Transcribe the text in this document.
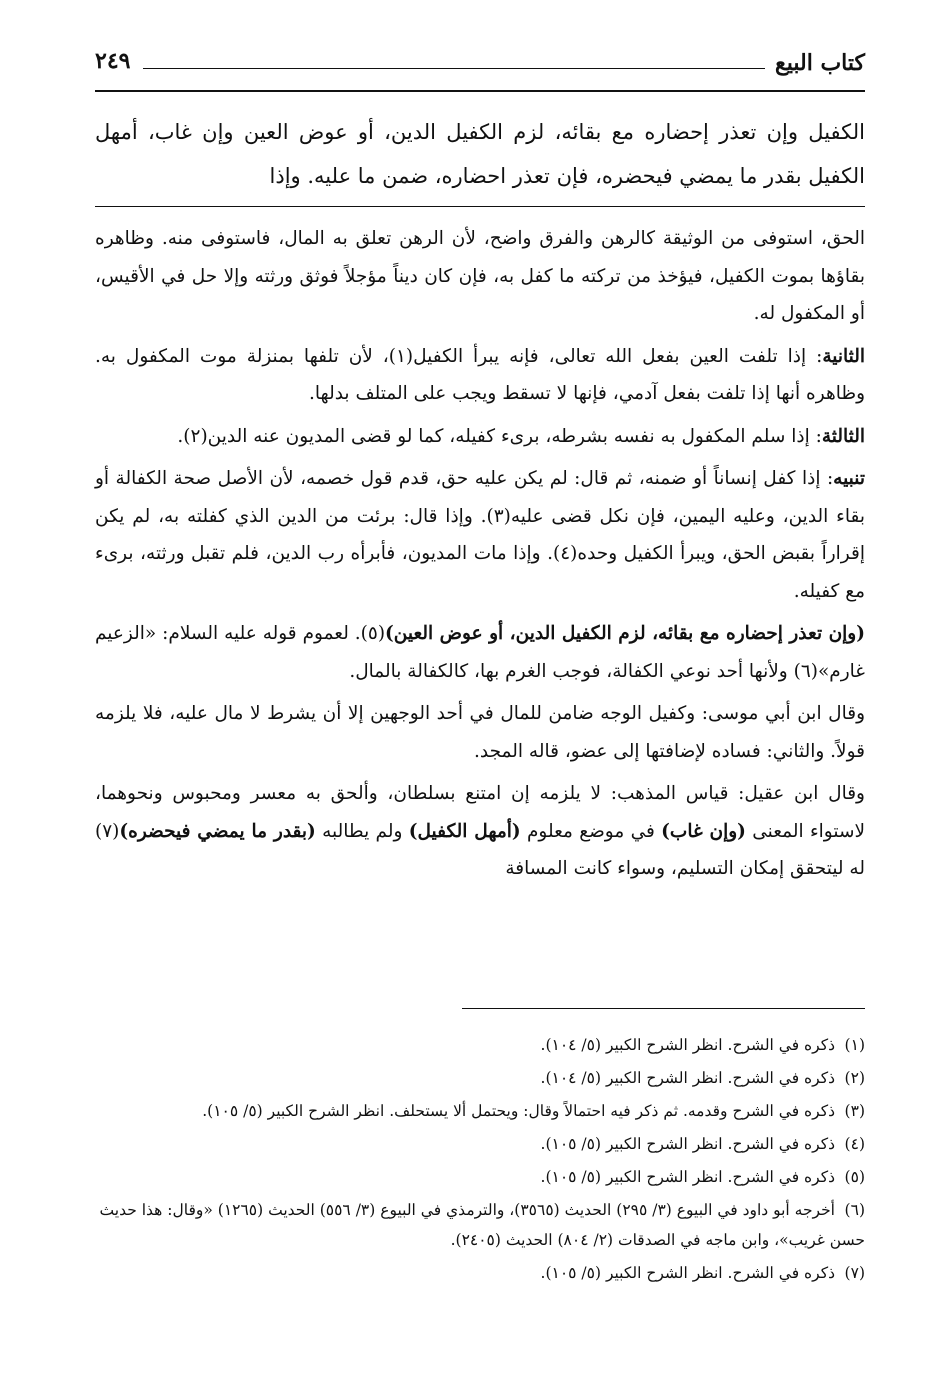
كتاب البيع
٢٤٩
الكفيل وإن تعذر إحضاره مع بقائه، لزم الكفيل الدين، أو عوض العين وإن غاب، أمهل الكفيل بقدر ما يمضي فيحضره، فإن تعذر احضاره، ضمن ما عليه. وإذا

الحق، استوفى من الوثيقة كالرهن والفرق واضح، لأن الرهن تعلق به المال، فاستوفى منه. وظاهره بقاؤها بموت الكفيل، فيؤخذ من تركته ما كفل به، فإن كان ديناً مؤجلاً فوثق ورثته وإلا حل في الأقيس، أو المكفول له.

الثانية: إذا تلفت العين بفعل الله تعالى، فإنه يبرأ الكفيل(١)، لأن تلفها بمنزلة موت المكفول به. وظاهره أنها إذا تلفت بفعل آدمي، فإنها لا تسقط ويجب على المتلف بدلها.

الثالثة: إذا سلم المكفول به نفسه بشرطه، برىء كفيله، كما لو قضى المديون عنه الدين(٢).

تنبيه: إذا كفل إنساناً أو ضمنه، ثم قال: لم يكن عليه حق، قدم قول خصمه، لأن الأصل صحة الكفالة أو بقاء الدين، وعليه اليمين، فإن نكل قضى عليه(٣). وإذا قال: برئت من الدين الذي كفلته به، لم يكن إقراراً بقبض الحق، ويبرأ الكفيل وحده(٤). وإذا مات المديون، فأبرأه رب الدين، فلم تقبل ورثته، برىء مع كفيله.

(وإن تعذر إحضاره مع بقائه، لزم الكفيل الدين، أو عوض العين)(٥). لعموم قوله عليه السلام: «الزعيم غارم»(٦) ولأنها أحد نوعي الكفالة، فوجب الغرم بها، كالكفالة بالمال.

وقال ابن أبي موسى: وكفيل الوجه ضامن للمال في أحد الوجهين إلا أن يشرط لا مال عليه، فلا يلزمه قولاً. والثاني: فساده لإضافتها إلى عضو، قاله المجد.

وقال ابن عقيل: قياس المذهب: لا يلزمه إن امتنع بسلطان، وألحق به معسر ومحبوس ونحوهما، لاستواء المعنى (وإن غاب) في موضع معلوم (أمهل الكفيل) ولم يطالبه (بقدر ما يمضي فيحضره)(٧) له ليتحقق إمكان التسليم، وسواء كانت المسافة

(١)ذكره في الشرح. انظر الشرح الكبير (٥/ ١٠٤).
(٢)ذكره في الشرح. انظر الشرح الكبير (٥/ ١٠٤).
(٣)ذكره في الشرح وقدمه. ثم ذكر فيه احتمالاً وقال: ويحتمل ألا يستحلف. انظر الشرح الكبير (٥/ ١٠٥).
(٤)ذكره في الشرح. انظر الشرح الكبير (٥/ ١٠٥).
(٥)ذكره في الشرح. انظر الشرح الكبير (٥/ ١٠٥).
(٦)أخرجه أبو داود في البيوع (٣/ ٢٩٥) الحديث (٣٥٦٥)، والترمذي في البيوع (٣/ ٥٥٦) الحديث (١٢٦٥) «وقال: هذا حديث حسن غريب»، وابن ماجه في الصدقات (٢/ ٨٠٤) الحديث (٢٤٠٥).
(٧)ذكره في الشرح. انظر الشرح الكبير (٥/ ١٠٥).
